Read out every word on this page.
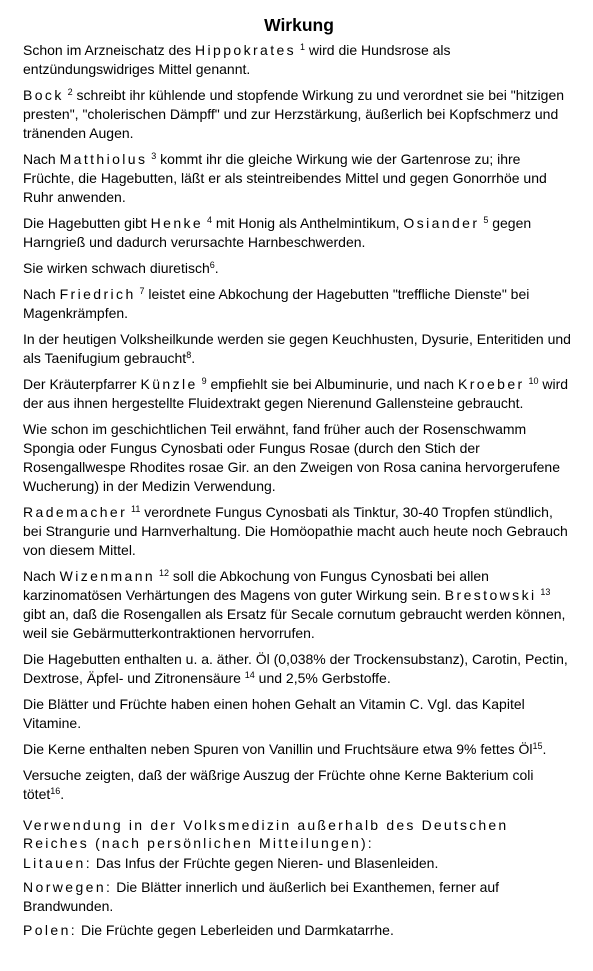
Wirkung

Schon im Arzneischatz des Hippokrates $^1$ wird die Hundsrose als entzündungswidriges Mittel genannt.

Bock $^2$ schreibt ihr kühlende und stopfende Wirkung zu und verordnet sie bei "hitzigen presten", "cholerischen Dämpff" und zur Herzstärkung, äußerlich bei Kopfschmerz und tränenden Augen.

Nach Matthiolus $^3$ kommt ihr die gleiche Wirkung wie der Gartenrose zu; ihre Früchte, die Hagebutten, läßt er als steintreibendes Mittel und gegen Gonorrhöe und Ruhr anwenden.

Die Hagebutten gibt Henke $^4$ mit Honig als Anthelmintikum, Osiander $^5$ gegen Harngrieß und dadurch verursachte Harnbeschwerden.

Sie wirken schwach diuretisch$^6$.

Nach Friedrich $^7$ leistet eine Abkochung der Hagebutten "treffliche Dienste" bei Magenkrämpfen.

In der heutigen Volksheilkunde werden sie gegen Keuchhusten, Dysurie, Enteritiden und als Taenifugium gebraucht$^8$.

Der Kräuterpfarrer Künzle $^9$ empfiehlt sie bei Albuminurie, und nach Kroeber $^{10}$ wird der aus ihnen hergestellte Fluidextrakt gegen Nierenund Gallensteine gebraucht.

Wie schon im geschichtlichen Teil erwähnt, fand früher auch der Rosenschwamm Spongia oder Fungus Cynosbati oder Fungus Rosae (durch den Stich der Rosengallwespe Rhodites rosae Gir. an den Zweigen von Rosa canina hervorgerufene Wucherung) in der Medizin Verwendung.

Rademacher $^{11}$ verordnete Fungus Cynosbati als Tinktur, 30-40 Tropfen stündlich, bei Strangurie und Harnverhaltung. Die Homöopathie macht auch heute noch Gebrauch von diesem Mittel.

Nach Wizenmann $^{12}$ soll die Abkochung von Fungus Cynosbati bei allen karzinomatösen Verhärtungen des Magens von guter Wirkung sein. Brestowski $^{13}$ gibt an, daß die Rosengallen als Ersatz für Secale cornutum gebraucht werden können, weil sie Gebärmutterkontraktionen hervorrufen.

Die Hagebutten enthalten u. a. äther. Öl (0,038% der Trockensubstanz), Carotin, Pectin, Dextrose, Äpfel- und Zitronensäure $^{14}$ und 2,5% Gerbstoffe.

Die Blätter und Früchte haben einen hohen Gehalt an Vitamin C. Vgl. das Kapitel Vitamine.

Die Kerne enthalten neben Spuren von Vanillin und Fruchtsäure etwa 9% fettes $Öl^{15}$.

Versuche zeigten, daß der wäßrige Auszug der Früchte ohne Kerne Bakterium coli tötet$^{16}$.

Verwendung in der Volksmedizin außerhalb des Deutschen Reiches (nach persönlichen Mitteilungen):

Litauen: Das Infus der Früchte gegen Nieren- und Blasenleiden.

Norwegen: Die Blätter innerlich und äußerlich bei Exanthemen, ferner auf Brandwunden.

Polen: Die Früchte gegen Leberleiden und Darmkatarrhe.
